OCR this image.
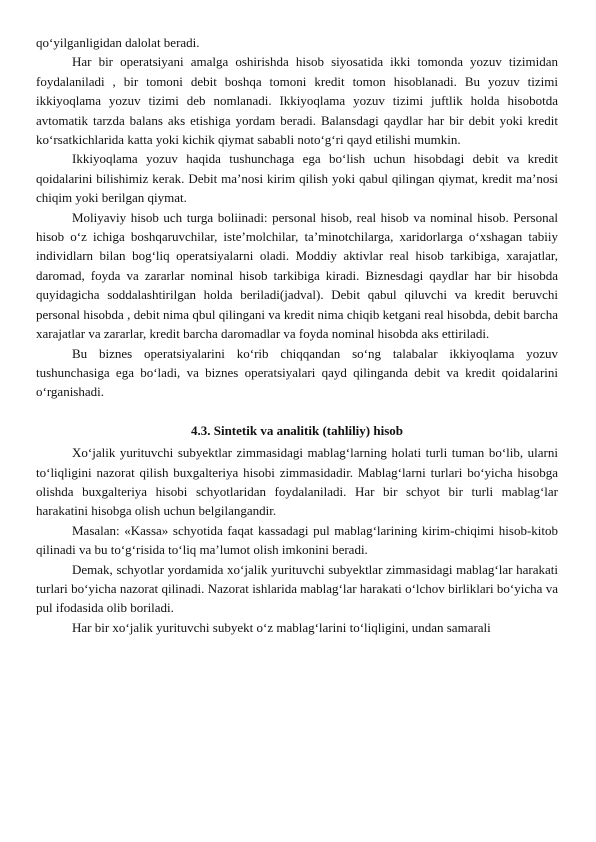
qo‘yilganligidan dalolat beradi.

Har bir operatsiyani amalga oshirishda hisob siyosatida ikki tomonda yozuv tizimidan foydalaniladi , bir tomoni debit boshqa tomoni kredit tomon hisoblanadi. Bu yozuv tizimi ikkiyoqlama yozuv tizimi deb nomlanadi. Ikkiyoqlama yozuv tizimi juftlik holda hisobotda avtomatik tarzda balans aks etishiga yordam beradi. Balansdagi qaydlar har bir debit yoki kredit ko‘rsatkichlarida katta yoki kichik qiymat sababli noto‘g‘ri qayd etilishi mumkin.

Ikkiyoqlama yozuv haqida tushunchaga ega bo‘lish uchun hisobdagi debit va kredit qoidalarini bilishimiz kerak. Debit ma’nosi kirim qilish yoki qabul qilingan qiymat, kredit ma’nosi chiqim yoki berilgan qiymat.

Moliyaviy hisob uch turga boliinadi: personal hisob, real hisob va nominal hisob. Personal hisob o‘z ichiga boshqaruvchilar, iste’molchilar, ta’minotchilarga, xaridorlarga o‘xshagan tabiiy individlarn bilan bog‘liq operatsiyalarni oladi. Moddiy aktivlar real hisob tarkibiga, xarajatlar, daromad, foyda va zararlar nominal hisob tarkibiga kiradi. Biznesdagi qaydlar har bir hisobda quyidagicha soddalashtirilgan holda beriladi(jadval). Debit qabul qiluvchi va kredit beruvchi personal hisobda , debit nima qbul qilingani va kredit nima chiqib ketgani real hisobda, debit barcha xarajatlar va zararlar, kredit barcha daromadlar va foyda nominal hisobda aks ettiriladi.

Bu biznes operatsiyalarini ko‘rib chiqqandan so‘ng talabalar ikkiyoqlama yozuv tushunchasiga ega bo‘ladi, va biznes operatsiyalari qayd qilinganda debit va kredit qoidalarini o‘rganishadi.

4.3. Sintetik va analitik (tahliliy) hisob

Xo‘jalik yurituvchi subyektlar zimmasidagi mablag‘larning holati turli tuman bo‘lib, ularni to‘liqligini nazorat qilish buxgalteriya hisobi zimmasidadir. Mablag‘larni turlari bo‘yicha hisobga olishda buxgalteriya hisobi schyotlaridan foydalaniladi. Har bir schyot bir turli mablag‘lar harakatini hisobga olish uchun belgilangandir.

Masalan: «Kassa» schyotida faqat kassadagi pul mablag‘larining kirim-chiqimi hisob-kitob qilinadi va bu to‘g‘risida to‘liq ma’lumot olish imkonini beradi.

Demak, schyotlar yordamida xo‘jalik yurituvchi subyektlar zimmasidagi mablag‘lar harakati turlari bo‘yicha nazorat qilinadi. Nazorat ishlarida mablag‘lar harakati o‘lchov birliklari bo‘yicha va pul ifodasida olib boriladi.

Har bir xo‘jalik yurituvchi subyekt o‘z mablag‘larini to‘liqligini, undan samarali
